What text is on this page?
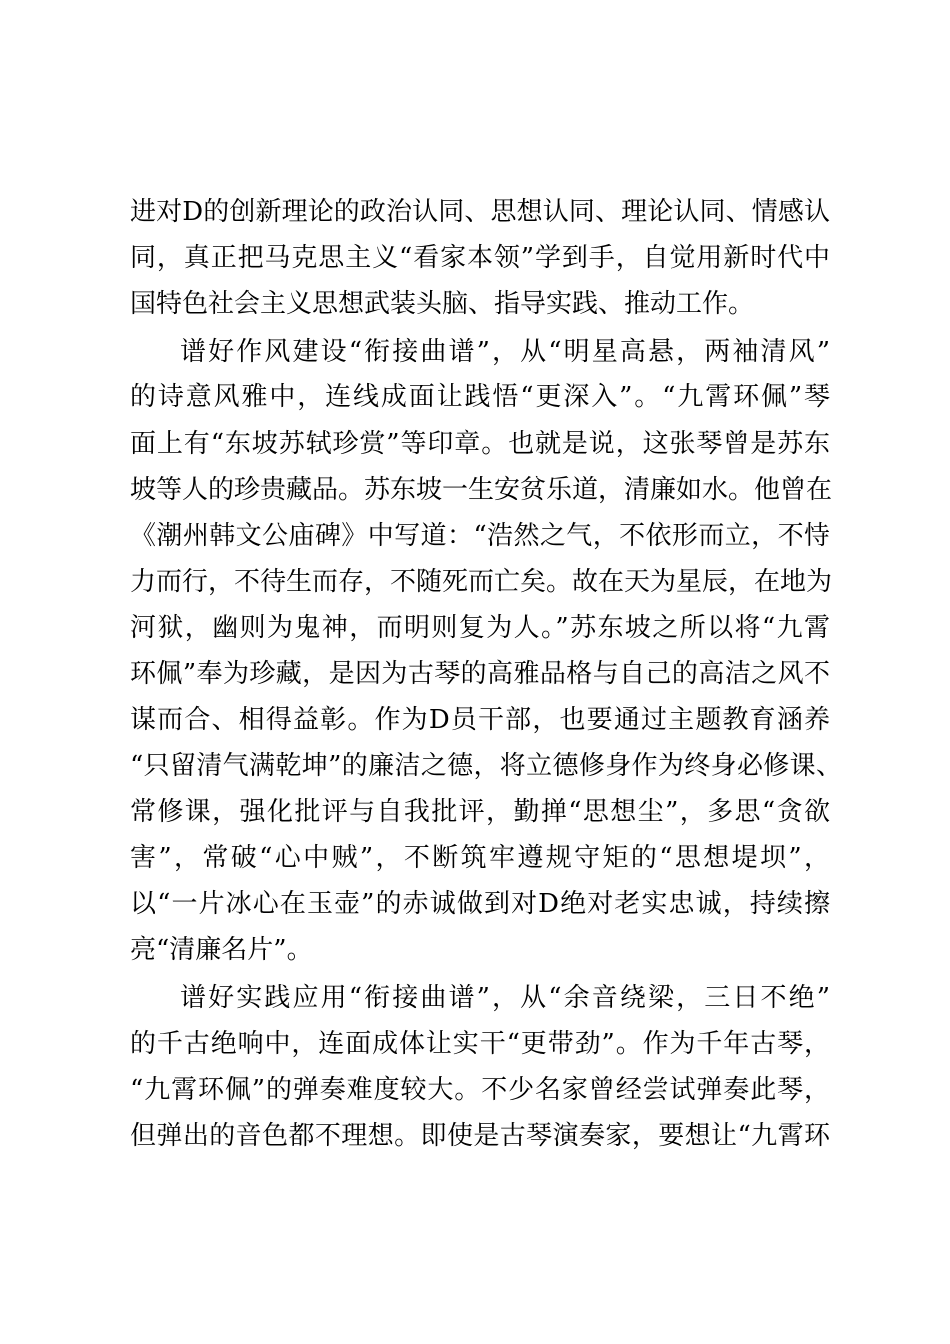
进对D的创新理论的政治认同、思想认同、理论认同、情感认
同，真正把马克思主义“看家本领”学到手，自觉用新时代中
国特色社会主义思想武装头脑、指导实践、推动工作。
谱好作风建设“衔接曲谱”，从“明星高悬，两袖清风”
的诗意风雅中，连线成面让践悟“更深入”。“九霄环佩”琴
面上有“东坡苏轼珍赏”等印章。也就是说，这张琴曾是苏东
坡等人的珍贵藏品。苏东坡一生安贫乐道，清廉如水。他曾在
《潮州韩文公庙碑》中写道：“浩然之气，不依形而立，不恃
力而行，不待生而存，不随死而亡矣。故在天为星辰，在地为
河狱，幽则为鬼神，而明则复为人。”苏东坡之所以将“九霄
环佩”奉为珍藏，是因为古琴的高雅品格与自己的高洁之风不
谋而合、相得益彰。作为D员干部，也要通过主题教育涵养
“只留清气满乾坤”的廉洁之德，将立德修身作为终身必修课、
常修课，强化批评与自我批评，勤掸“思想尘”，多思“贪欲
害”，常破“心中贼”，不断筑牢遵规守矩的“思想堤坝”，
以“一片冰心在玉壶”的赤诚做到对D绝对老实忠诚，持续擦
亮“清廉名片”。
谱好实践应用“衔接曲谱”，从“余音绕梁，三日不绝”
的千古绝响中，连面成体让实干“更带劲”。作为千年古琴，
“九霄环佩”的弹奏难度较大。不少名家曾经尝试弹奏此琴，
但弹出的音色都不理想。即使是古琴演奏家，要想让“九霄环
